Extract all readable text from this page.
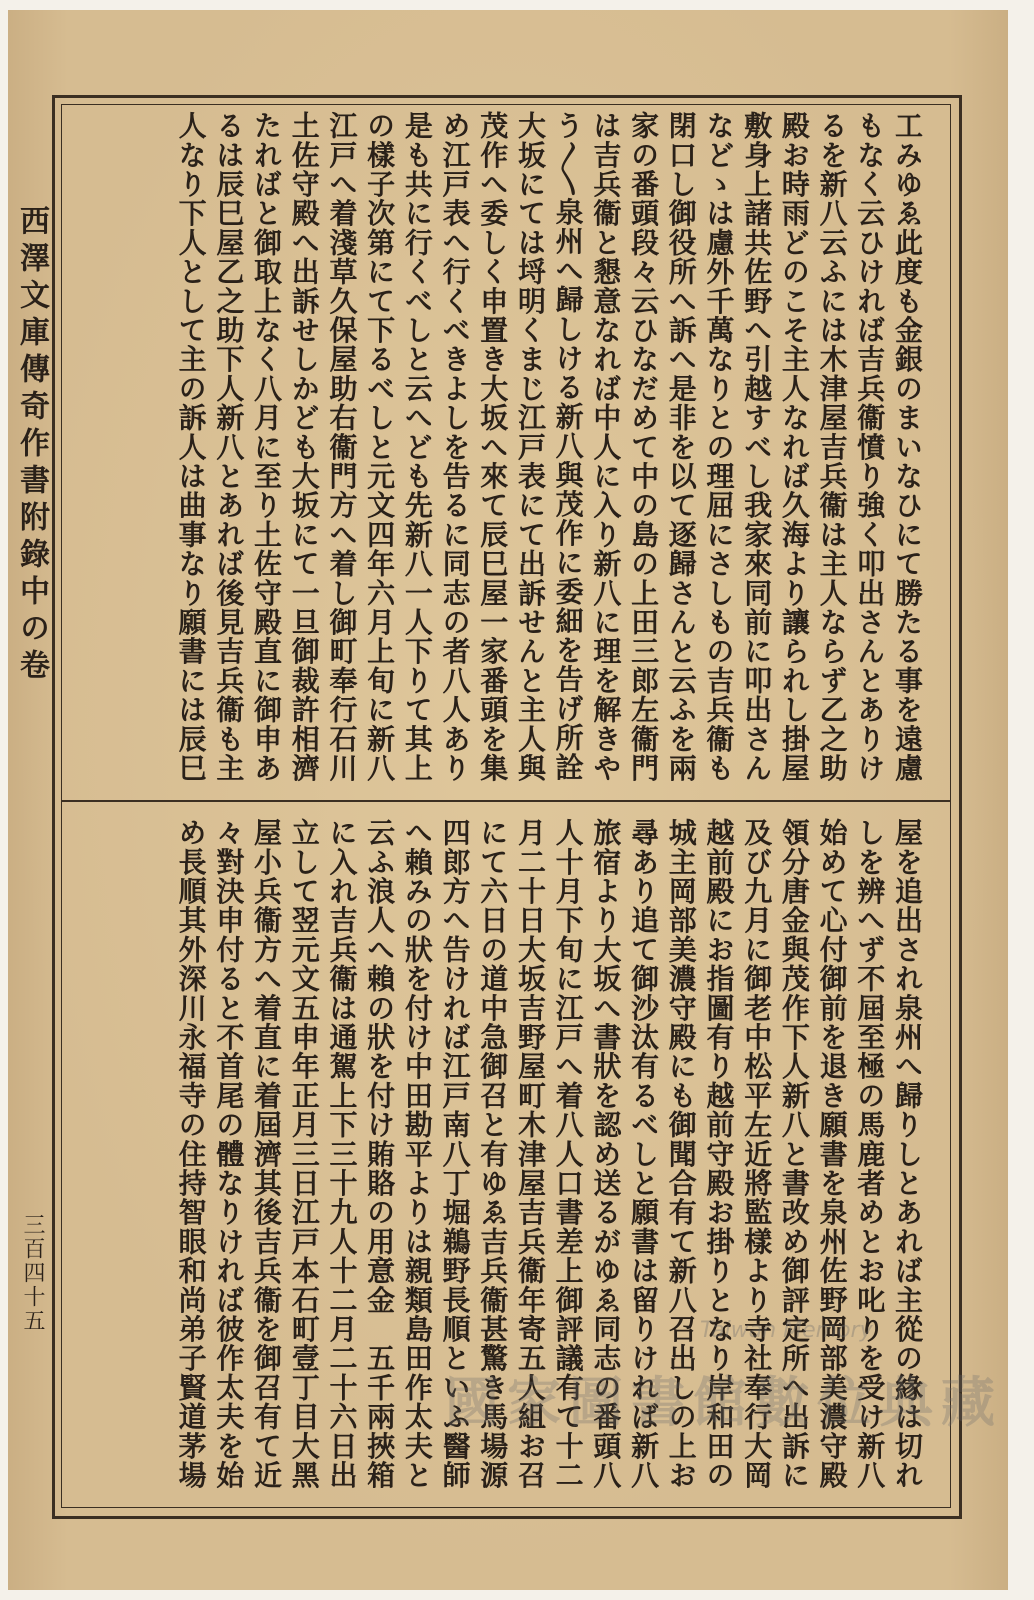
西澤文庫傳奇作書附錄中の卷
三百四十五
工みゆゑ此度も金銀のまいなひにて勝たる事を遠慮
もなく云ひければ吉兵衞憤り強く叩出さんとありけ
るを新八云ふには木津屋吉兵衞は主人ならず乙之助
殿お時雨どのこそ主人なれば久海より讓られし掛屋
敷身上諸共佐野へ引越すべし我家來同前に叩出さん
などゝは慮外千萬なりとの理屈にさしもの吉兵衞も
閉口し御役所へ訴へ是非を以て逐歸さんと云ふを兩
家の番頭段々云ひなだめて中の島の上田三郎左衞門
は吉兵衞と懇意なれば中人に入り新八に理を解きや
う〳〵泉州へ歸しける新八與茂作に委細を告げ所詮
大坂にては埒明くまじ江戸表にて出訴せんと主人與
茂作へ委しく申置き大坂へ來て辰巳屋一家番頭を集
め江戸表へ行くべきよしを告るに同志の者八人あり
是も共に行くべしと云へども先新八一人下りて其上
の樣子次第にて下るべしと元文四年六月上旬に新八
江戸へ着淺草久保屋助右衞門方へ着し御町奉行石川
土佐守殿へ出訴せしかども大坂にて一旦御裁許相濟
たればと御取上なく八月に至り土佐守殿直に御申あ
るは辰巳屋乙之助下人新八とあれば後見吉兵衞も主
人なり下人として主の訴人は曲事なり願書には辰巳
屋を追出され泉州へ歸りしとあれば主從の緣は切れ
しを辨へず不屆至極の馬鹿者めとお叱りを受け新八
始めて心付御前を退き願書を泉州佐野岡部美濃守殿
領分唐金與茂作下人新八と書改め御評定所へ出訴に
及び九月に御老中松平左近將監樣より寺社奉行大岡
越前殿にお指圖有り越前守殿お掛りとなり岸和田の
城主岡部美濃守殿にも御聞合有て新八召出しの上お
尋あり追て御沙汰有るべしと願書は留りければ新八
旅宿より大坂へ書狀を認め送るがゆゑ同志の番頭八
人十月下旬に江戸へ着八人口書差上御評議有て十二
月二十日大坂吉野屋町木津屋吉兵衞年寄五人組お召
にて六日の道中急御召と有ゆゑ吉兵衞甚驚き馬場源
四郎方へ告ければ江戸南八丁堀鵜野長順といふ醫師
へ賴みの狀を付け中田勘平よりは親類島田作太夫と
云ふ浪人へ賴の狀を付け賄賂の用意金　五千兩挾箱
に入れ吉兵衞は通駕上下三十九人十二月二十六日出
立して翌元文五申年正月三日江戸本石町壹丁目大黑
屋小兵衞方へ着直に着屆濟其後吉兵衞を御召有て近
々對決申付ると不首尾の體なりければ彼作太夫を始
め長順其外深川永福寺の住持智眼和尚弟子賢道茅場	Taiwan Memory
國家圖書館數位典藏
